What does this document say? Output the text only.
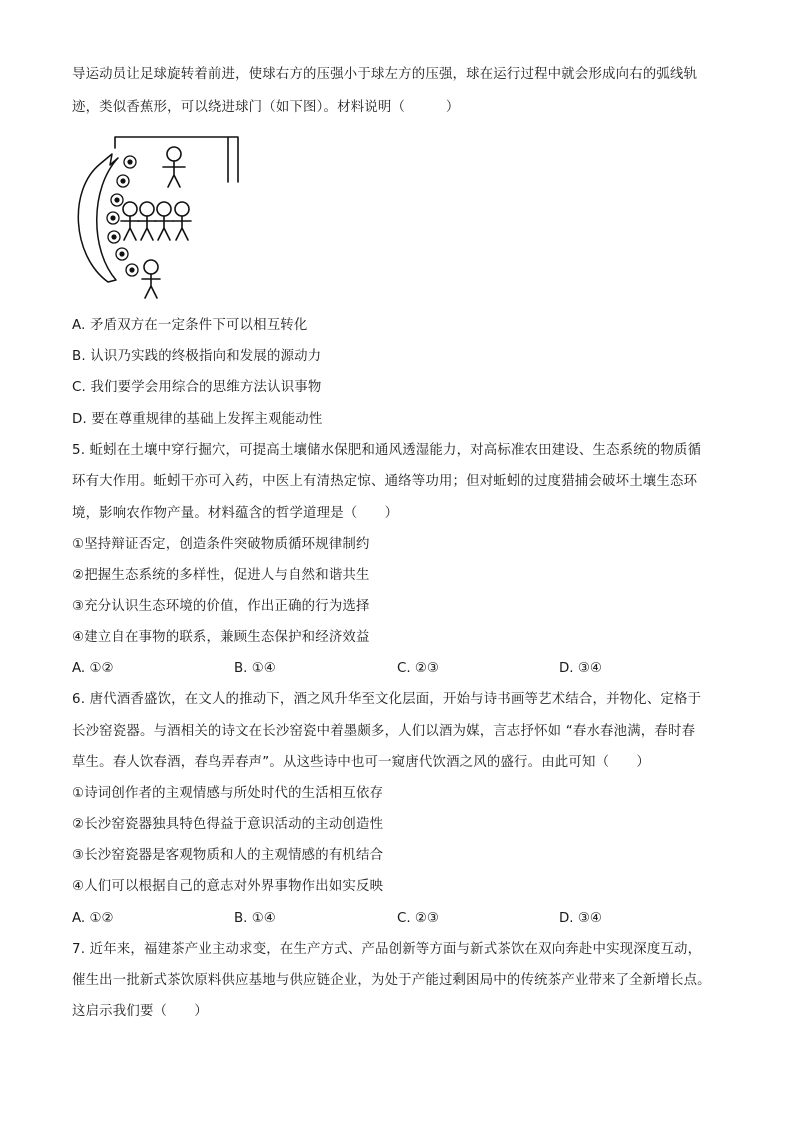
导运动员让足球旋转着前进，使球右方的压强小于球左方的压强，球在运行过程中就会形成向右的弧线轨
迹，类似香蕉形，可以绕进球门（如下图）。材料说明（　　　）
A. 矛盾双方在一定条件下可以相互转化
B. 认识乃实践的终极指向和发展的源动力
C. 我们要学会用综合的思维方法认识事物
D. 要在尊重规律的基础上发挥主观能动性
5. 蚯蚓在土壤中穿行掘穴，可提高土壤储水保肥和通风透湿能力，对高标准农田建设、生态系统的物质循
环有大作用。蚯蚓干亦可入药，中医上有清热定惊、通络等功用；但对蚯蚓的过度猎捕会破坏土壤生态环
境，影响农作物产量。材料蕴含的哲学道理是（　　）
①坚持辩证否定，创造条件突破物质循环规律制约
②把握生态系统的多样性，促进人与自然和谐共生
③充分认识生态环境的价值，作出正确的行为选择
④建立自在事物的联系，兼顾生态保护和经济效益
A. ①②	B. ①④	C. ②③	D. ③④
6. 唐代酒香盛饮，在文人的推动下，酒之风升华至文化层面，开始与诗书画等艺术结合，并物化、定格于
长沙窑瓷器。与酒相关的诗文在长沙窑瓷中着墨颇多，人们以酒为媒，言志抒怀如 “春水春池满，春时春
草生。春人饮春酒，春鸟弄春声”。从这些诗中也可一窥唐代饮酒之风的盛行。由此可知（　　）
①诗词创作者的主观情感与所处时代的生活相互依存
②长沙窑瓷器独具特色得益于意识活动的主动创造性
③长沙窑瓷器是客观物质和人的主观情感的有机结合
④人们可以根据自己的意志对外界事物作出如实反映
A. ①②	B. ①④	C. ②③	D. ③④
7. 近年来，福建茶产业主动求变，在生产方式、产品创新等方面与新式茶饮在双向奔赴中实现深度互动，
催生出一批新式茶饮原料供应基地与供应链企业，为处于产能过剩困局中的传统茶产业带来了全新增长点。
这启示我们要（　　）
